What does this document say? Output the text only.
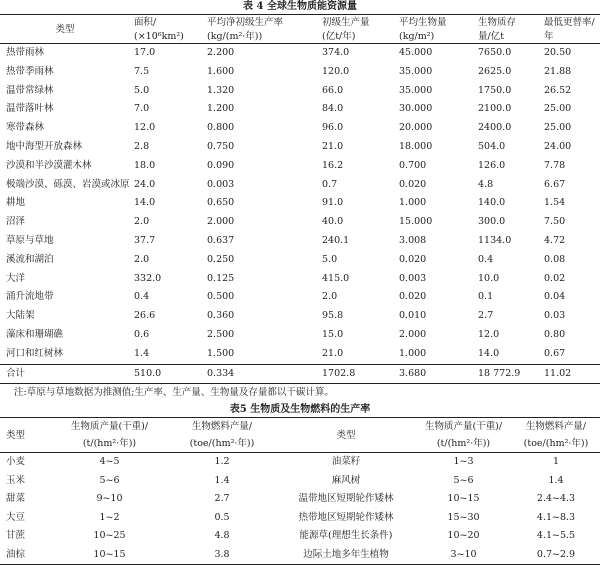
表 4 全球生物质能资源量
类型	面积/	平均净初级生产率	初级生产量	平均生物量	生物质存	最低更替率/
	(×10⁶km²)	(kg/(m²·年))	(亿t/年)	(kg/m²)	量/亿t	年
热带雨林	17.0	2.200	374.0	45.000	7650.0	20.50
热带季雨林	7.5	1.600	120.0	35.000	2625.0	21.88
温带常绿林	5.0	1.320	66.0	35.000	1750.0	26.52
温带落叶林	7.0	1.200	84.0	30.000	2100.0	25.00
寒带森林	12.0	0.800	96.0	20.000	2400.0	25.00
地中海型开放森林	2.8	0.750	21.0	18.000	504.0	24.00
沙漠和半沙漠灌木林	18.0	0.090	16.2	0.700	126.0	7.78
极端沙漠、砾漠、岩漠或冰原	24.0	0.003	0.7	0.020	4.8	6.67
耕地	14.0	0.650	91.0	1.000	140.0	1.54
沼泽	2.0	2.000	40.0	15.000	300.0	7.50
草原与草地	37.7	0.637	240.1	3.008	1134.0	4.72
溪流和湖泊	2.0	0.250	5.0	0.020	0.4	0.08
大洋	332.0	0.125	415.0	0.003	10.0	0.02
涌升流地带	0.4	0.500	2.0	0.020	0.1	0.04
大陆架	26.6	0.360	95.8	0.010	2.7	0.03
藻床和珊瑚礁	0.6	2.500	15.0	2.000	12.0	0.80
河口和红树林	1.4	1.500	21.0	1.000	14.0	0.67
合计	510.0	0.334	1702.8	3.680	18 772.9	11.02
注:草原与草地数据为推测值;生产率、生产量、生物量及存量都以干碳计算。
表5 生物质及生物燃料的生产率
类型	生物质产量(干重)/	生物燃料产量/	类型	生物质产量(干重)/	生物燃料产量/
	(t/(hm²·年))	(toe/(hm²·年))		(t/(hm²·年))	(toe/(hm²·年))
小麦	4~5	1.2	油菜籽	1~3	1
玉米	5~6	1.4	麻风树	5~6	1.4
甜菜	9~10	2.7	温带地区短期轮作矮林	10~15	2.4~4.3
大豆	1~2	0.5	热带地区短期轮作矮林	15~30	4.1~8.3
甘蔗	10~25	4.8	能源草(理想生长条件)	10~20	4.1~5.5
油棕	10~15	3.8	边际土地多年生植物	3~10	0.7~2.9
